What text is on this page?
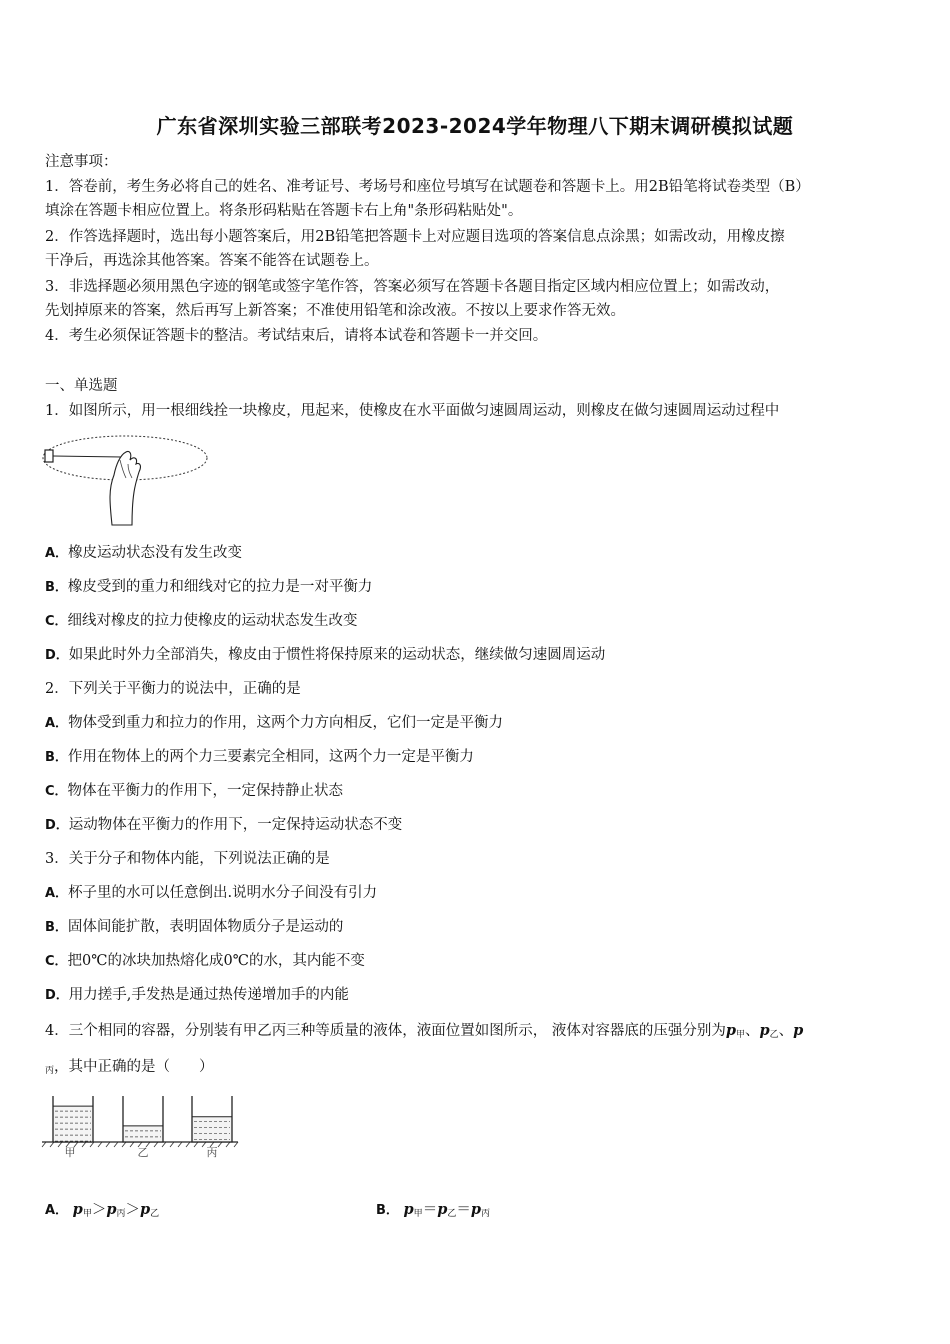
广东省深圳实验三部联考2023-2024学年物理八下期末调研模拟试题
注意事项：
1．答卷前，考生务必将自己的姓名、准考证号、考场号和座位号填写在试题卷和答题卡上。用2B铅笔将试卷类型（B）
填涂在答题卡相应位置上。将条形码粘贴在答题卡右上角"条形码粘贴处"。
2．作答选择题时，选出每小题答案后，用2B铅笔把答题卡上对应题目选项的答案信息点涂黑；如需改动，用橡皮擦
干净后，再选涂其他答案。答案不能答在试题卷上。
3．非选择题必须用黑色字迹的钢笔或签字笔作答，答案必须写在答题卡各题目指定区域内相应位置上；如需改动，
先划掉原来的答案，然后再写上新答案；不准使用铅笔和涂改液。不按以上要求作答无效。
4．考生必须保证答题卡的整洁。考试结束后，请将本试卷和答题卡一并交回。
一、单选题
1．如图所示，用一根细线拴一块橡皮，甩起来，使橡皮在水平面做匀速圆周运动，则橡皮在做匀速圆周运动过程中
A．橡皮运动状态没有发生改变
B．橡皮受到的重力和细线对它的拉力是一对平衡力
C．细线对橡皮的拉力使橡皮的运动状态发生改变
D．如果此时外力全部消失，橡皮由于惯性将保持原来的运动状态，继续做匀速圆周运动
2．下列关于平衡力的说法中，正确的是
A．物体受到重力和拉力的作用，这两个力方向相反，它们一定是平衡力
B．作用在物体上的两个力三要素完全相同，这两个力一定是平衡力
C．物体在平衡力的作用下，一定保持静止状态
D．运动物体在平衡力的作用下，一定保持运动状态不变
3．关于分子和物体内能，下列说法正确的是
A．杯子里的水可以任意倒出.说明水分子间没有引力
B．固体间能扩散，表明固体物质分子是运动的
C．把0℃的冰块加热熔化成0℃的水，其内能不变
D．用力搓手,手发热是通过热传递增加手的内能
4．三个相同的容器，分别装有甲乙丙三种等质量的液体，液面位置如图所示， 液体对容器底的压强分别为$p_甲$、$p_乙$、p
$_丙$，其中正确的是（　　）
甲	乙	丙
A． $p_甲>p_丙>p_乙$	B． $p_甲=p_乙=p_丙$
